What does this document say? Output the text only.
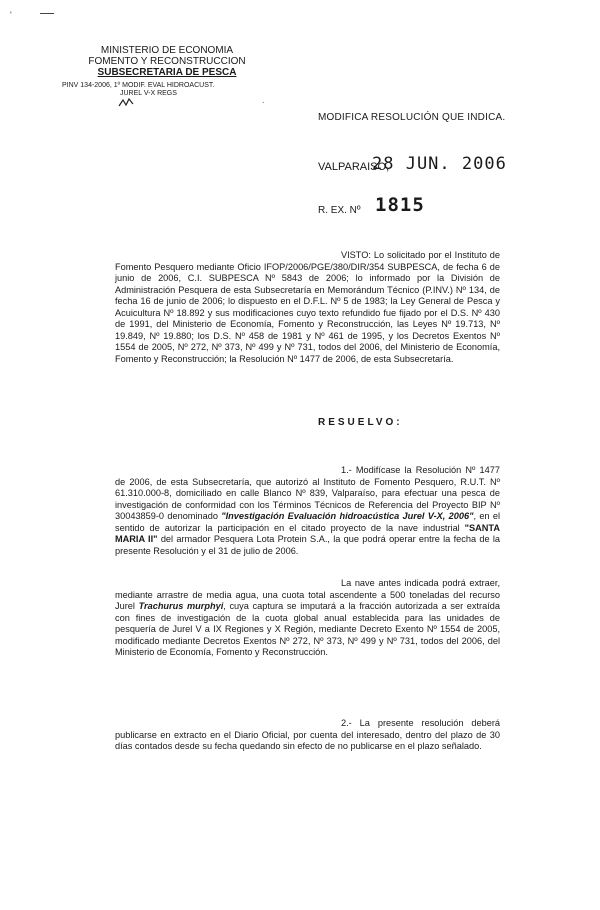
'
MINISTERIO DE ECONOMIA
FOMENTO Y RECONSTRUCCION
SUBSECRETARIA DE PESCA
PINV 134-2006, 1º MODIF. EVAL HIDROACUST.
JUREL V-X REGS
.
MODIFICA RESOLUCIÓN QUE INDICA.
VALPARAISO,
28 JUN. 2006
R. EX. Nº 1815
VISTO: Lo solicitado por el Instituto de Fomento Pesquero mediante Oficio IFOP/2006/PGE/380/DIR/354 SUBPESCA, de fecha 6 de junio de 2006, C.I. SUBPESCA Nº 5843 de 2006; lo informado por la División de Administración Pesquera de esta Subsecretaría en Memorándum Técnico (P.INV.) Nº 134, de fecha 16 de junio de 2006; lo dispuesto en el D.F.L. Nº 5 de 1983; la Ley General de Pesca y Acuicultura Nº 18.892 y sus modificaciones cuyo texto refundido fue fijado por el D.S. Nº 430 de 1991, del Ministerio de Economía, Fomento y Reconstrucción, las Leyes Nº 19.713, Nº 19.849, Nº 19.880; los D.S. Nº 458 de 1981 y Nº 461 de 1995, y los Decretos Exentos Nº 1554 de 2005, Nº 272, Nº 373, Nº 499 y Nº 731, todos del 2006, del Ministerio de Economía, Fomento y Reconstrucción; la Resolución Nº 1477 de 2006, de esta Subsecretaría.
RESUELVO:
1.- Modifícase la Resolución Nº 1477 de 2006, de esta Subsecretaría, que autorizó al Instituto de Fomento Pesquero, R.U.T. Nº 61.310.000-8, domiciliado en calle Blanco Nº 839, Valparaíso, para efectuar una pesca de investigación de conformidad con los Términos Técnicos de Referencia del Proyecto BIP Nº 30043859-0 denominado "Investigación Evaluación hidroacústica Jurel V-X, 2006", en el sentido de autorizar la participación en el citado proyecto de la nave industrial "SANTA MARIA II" del armador Pesquera Lota Protein S.A., la que podrá operar entre la fecha de la presente Resolución y el 31 de julio de 2006.
La nave antes indicada podrá extraer, mediante arrastre de media agua, una cuota total ascendente a 500 toneladas del recurso Jurel Trachurus murphyi, cuya captura se imputará a la fracción autorizada a ser extraída con fines de investigación de la cuota global anual establecida para las unidades de pesquería de Jurel V a IX Regiones y X Región, mediante Decreto Exento Nº 1554 de 2005, modificado mediante Decretos Exentos Nº 272, Nº 373, Nº 499 y Nº 731, todos del 2006, del Ministerio de Economía, Fomento y Reconstrucción.
2.- La presente resolución deberá publicarse en extracto en el Diario Oficial, por cuenta del interesado, dentro del plazo de 30 días contados desde su fecha quedando sin efecto de no publicarse en el plazo señalado.
